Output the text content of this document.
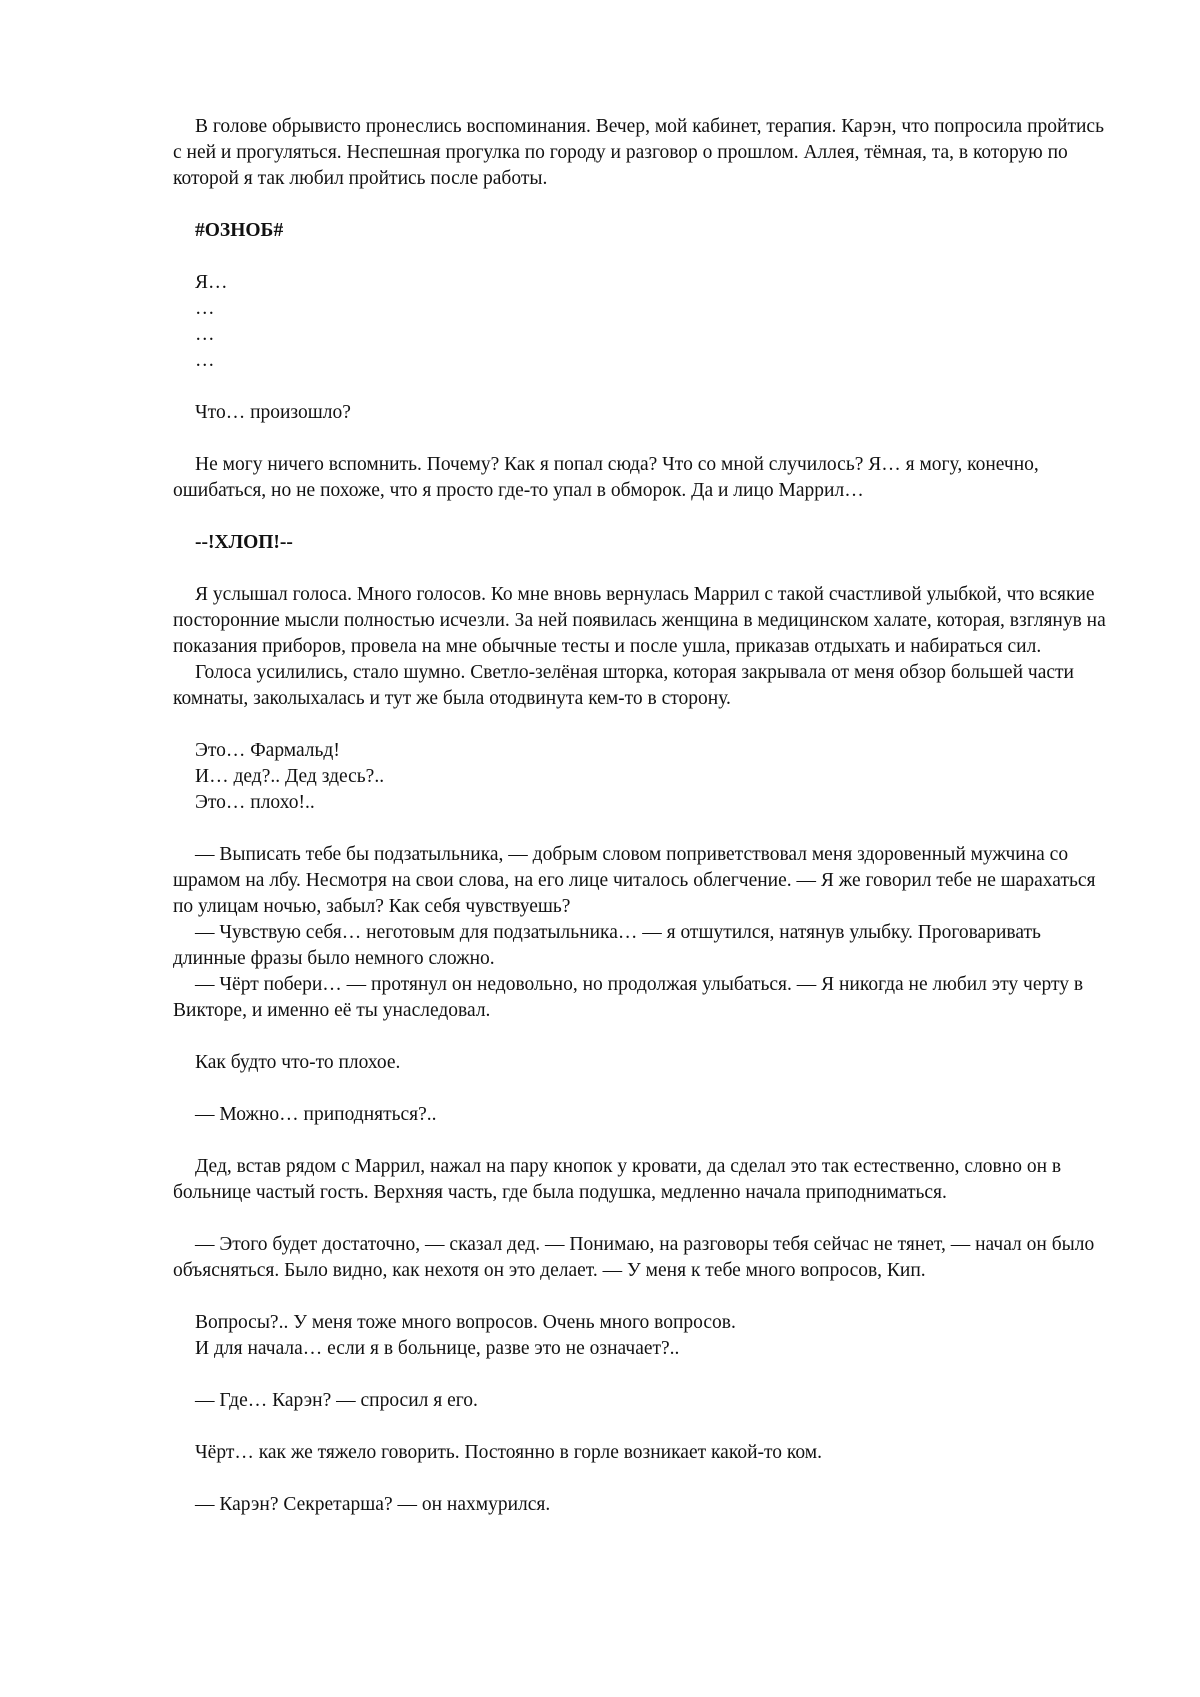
В голове обрывисто пронеслись воспоминания. Вечер, мой кабинет, терапия. Карэн, что попросила пройтись с ней и прогуляться. Неспешная прогулка по городу и разговор о прошлом. Аллея, тёмная, та, в которую по которой я так любил пройтись после работы.

#ОЗНОБ#

Я…

…

…

…

Что… произошло?

Не могу ничего вспомнить. Почему? Как я попал сюда? Что со мной случилось? Я… я могу, конечно, ошибаться, но не похоже, что я просто где-то упал в обморок. Да и лицо Маррил…

--!ХЛОП!--

Я услышал голоса. Много голосов. Ко мне вновь вернулась Маррил с такой счастливой улыбкой, что всякие посторонние мысли полностью исчезли. За ней появилась женщина в медицинском халате, которая, взглянув на показания приборов, провела на мне обычные тесты и после ушла, приказав отдыхать и набираться сил.

Голоса усилились, стало шумно. Светло-зелёная шторка, которая закрывала от меня обзор большей части комнаты, заколыхалась и тут же была отодвинута кем-то в сторону.

Это… Фармальд!

И… дед?.. Дед здесь?..

Это… плохо!..

— Выписать тебе бы подзатыльника, — добрым словом поприветствовал меня здоровенный мужчина со шрамом на лбу. Несмотря на свои слова, на его лице читалось облегчение. — Я же говорил тебе не шарахаться по улицам ночью, забыл? Как себя чувствуешь?

— Чувствую себя… неготовым для подзатыльника… — я отшутился, натянув улыбку. Проговаривать длинные фразы было немного сложно.

— Чёрт побери… — протянул он недовольно, но продолжая улыбаться. — Я никогда не любил эту черту в Викторе, и именно её ты унаследовал.

Как будто что-то плохое.

— Можно… приподняться?..

Дед, встав рядом с Маррил, нажал на пару кнопок у кровати, да сделал это так естественно, словно он в больнице частый гость. Верхняя часть, где была подушка, медленно начала приподниматься.

— Этого будет достаточно, — сказал дед. — Понимаю, на разговоры тебя сейчас не тянет, — начал он было объясняться. Было видно, как нехотя он это делает. — У меня к тебе много вопросов, Кип.

Вопросы?.. У меня тоже много вопросов. Очень много вопросов.

И для начала… если я в больнице, разве это не означает?..

— Где… Карэн? — спросил я его.

Чёрт… как же тяжело говорить. Постоянно в горле возникает какой-то ком.

— Карэн? Секретарша? — он нахмурился.
